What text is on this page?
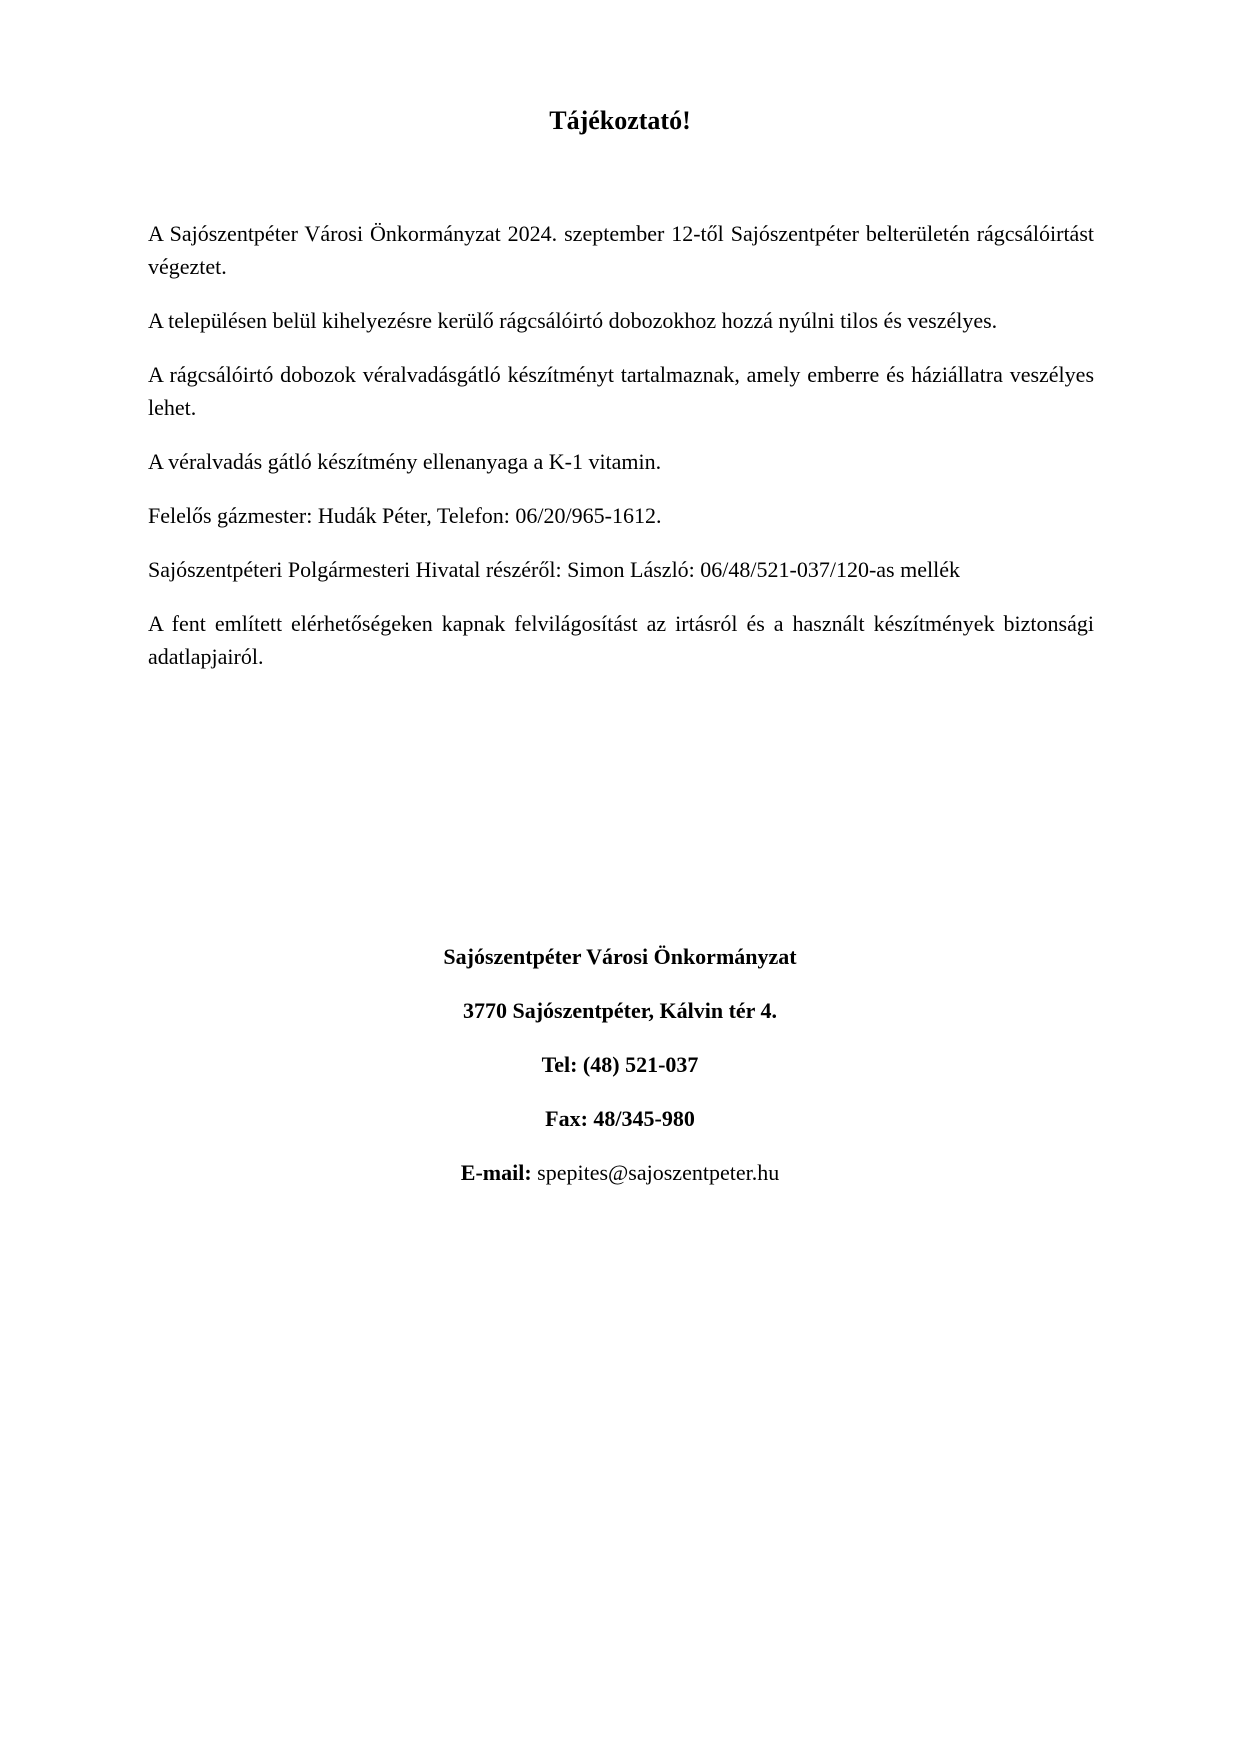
Tájékoztató!

A Sajószentpéter Városi Önkormányzat 2024. szeptember 12-től Sajószentpéter belterületén rágcsálóirtást végeztet.

A településen belül kihelyezésre kerülő rágcsálóirtó dobozokhoz hozzá nyúlni tilos és veszélyes.

A rágcsálóirtó dobozok véralvadásgátló készítményt tartalmaznak, amely emberre és háziállatra veszélyes lehet.

A véralvadás gátló készítmény ellenanyaga a K-1 vitamin.

Felelős gázmester: Hudák Péter, Telefon: 06/20/965-1612.

Sajószentpéteri Polgármesteri Hivatal részéről: Simon László: 06/48/521-037/120-as mellék

A fent említett elérhetőségeken kapnak felvilágosítást az irtásról és a használt készítmények biztonsági adatlapjairól.

Sajószentpéter Városi Önkormányzat

3770 Sajószentpéter, Kálvin tér 4.

Tel: (48) 521-037

Fax: 48/345-980

E-mail: spepites@sajoszentpeter.hu
